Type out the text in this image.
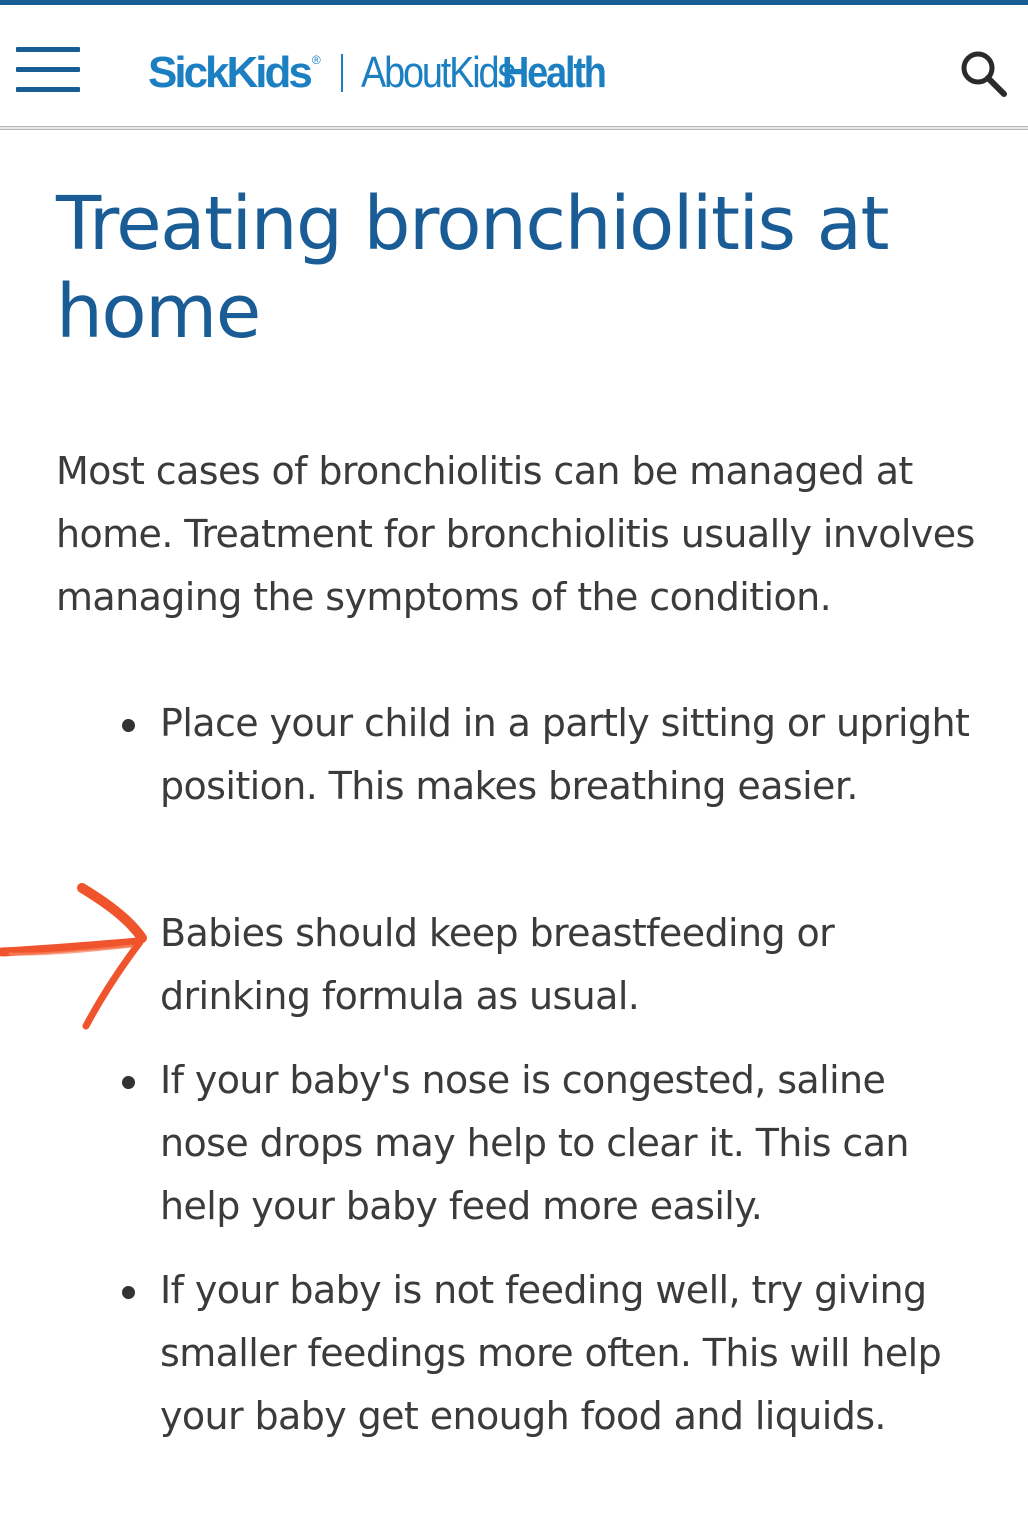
SickKids ® AboutKids
Health
Treating bronchiolitis at home

Most cases of bronchiolitis can be managed at home. Treatment for bronchiolitis usually involves managing the symptoms of the condition.

Place your child in a partly sitting or upright position. This makes breathing easier.
Babies should keep breastfeeding or drinking formula as usual.
If your baby's nose is congested, saline nose drops may help to clear it. This can help your baby feed more easily.
If your baby is not feeding well, try giving smaller feedings more often. This will help your baby get enough food and liquids.
